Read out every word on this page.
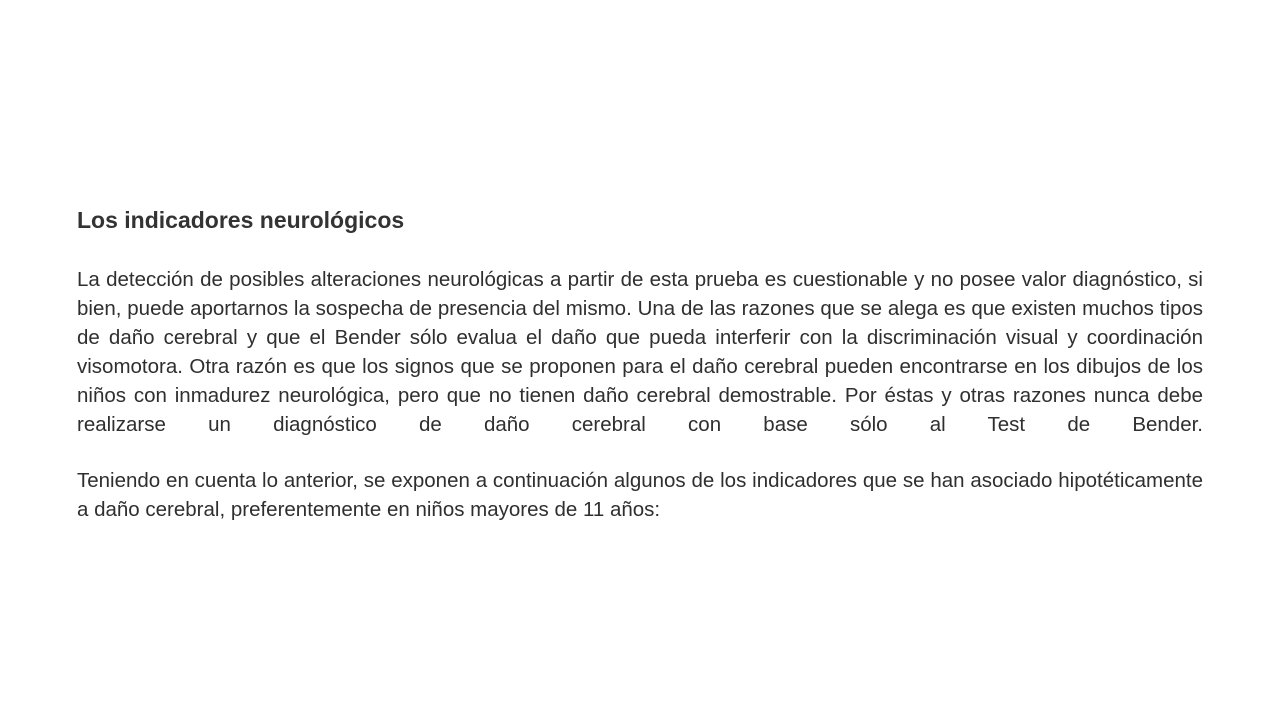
Los indicadores neurológicos

La detección de posibles alteraciones neurológicas a partir de esta prueba es cuestionable y no posee valor diagnóstico, si bien, puede aportarnos la sospecha de presencia del mismo. Una de las razones que se alega es que existen muchos tipos de daño cerebral y que el Bender sólo evalua el daño que pueda interferir con la discriminación visual y coordinación visomotora. Otra razón es que los signos que se proponen para el daño cerebral pueden encontrarse en los dibujos de los niños con inmadurez neurológica, pero que no tienen daño cerebral demostrable. Por éstas y otras razones nunca debe realizarse un diagnóstico de daño cerebral con base sólo al Test de Bender.

Teniendo en cuenta lo anterior, se exponen a continuación algunos de los indicadores que se han asociado hipotéticamente a daño cerebral, preferentemente en niños mayores de 11 años:
